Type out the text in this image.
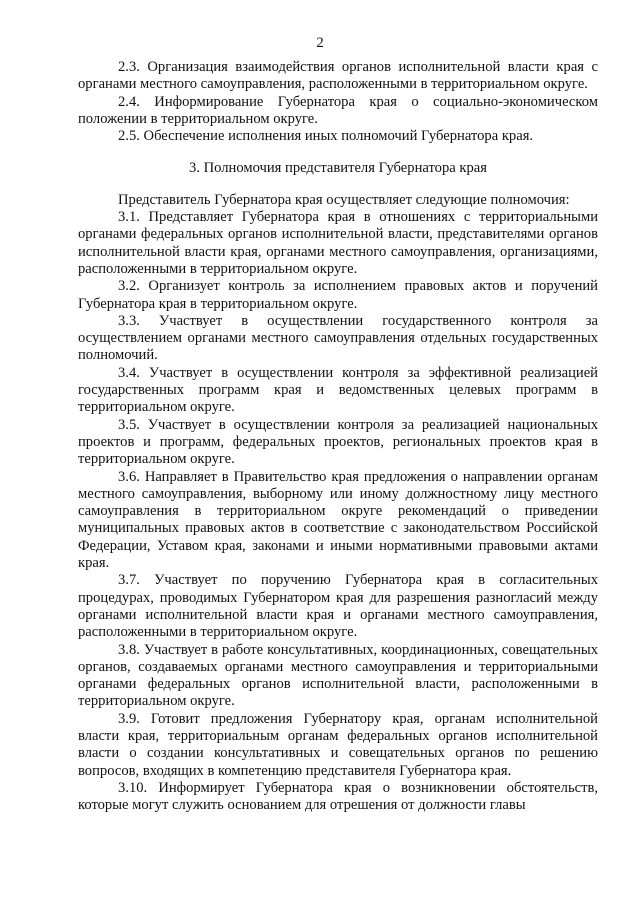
2

2.3. Организация взаимодействия органов исполнительной власти края с органами местного самоуправления, расположенными в территориальном округе.

2.4. Информирование Губернатора края о социально-экономическом положении в территориальном округе.

2.5. Обеспечение исполнения иных полномочий Губернатора края.

3. Полномочия представителя Губернатора края

Представитель Губернатора края осуществляет следующие полномочия:

3.1. Представляет Губернатора края в отношениях с территориальными органами федеральных органов исполнительной власти, представителями органов исполнительной власти края, органами местного самоуправления, организациями, расположенными в территориальном округе.

3.2. Организует контроль за исполнением правовых актов и поручений Губернатора края в территориальном округе.

3.3. Участвует в осуществлении государственного контроля за осуществлением органами местного самоуправления отдельных государственных полномочий.

3.4. Участвует в осуществлении контроля за эффективной реализацией государственных программ края и ведомственных целевых программ в территориальном округе.

3.5. Участвует в осуществлении контроля за реализацией национальных проектов и программ, федеральных проектов, региональных проектов края в территориальном округе.

3.6. Направляет в Правительство края предложения о направлении органам местного самоуправления, выборному или иному должностному лицу местного самоуправления в территориальном округе рекомендаций о приведении муниципальных правовых актов в соответствие с законодательством Российской Федерации, Уставом края, законами и иными нормативными правовыми актами края.

3.7. Участвует по поручению Губернатора края в согласительных процедурах, проводимых Губернатором края для разрешения разногласий между органами исполнительной власти края и органами местного самоуправления, расположенными в территориальном округе.

3.8. Участвует в работе консультативных, координационных, совещательных органов, создаваемых органами местного самоуправления и территориальными органами федеральных органов исполнительной власти, расположенными в территориальном округе.

3.9. Готовит предложения Губернатору края, органам исполнительной власти края, территориальным органам федеральных органов исполнительной власти о создании консультативных и совещательных органов по решению вопросов, входящих в компетенцию представителя Губернатора края.

3.10. Информирует Губернатора края о возникновении обстоятельств, которые могут служить основанием для отрешения от должности главы
